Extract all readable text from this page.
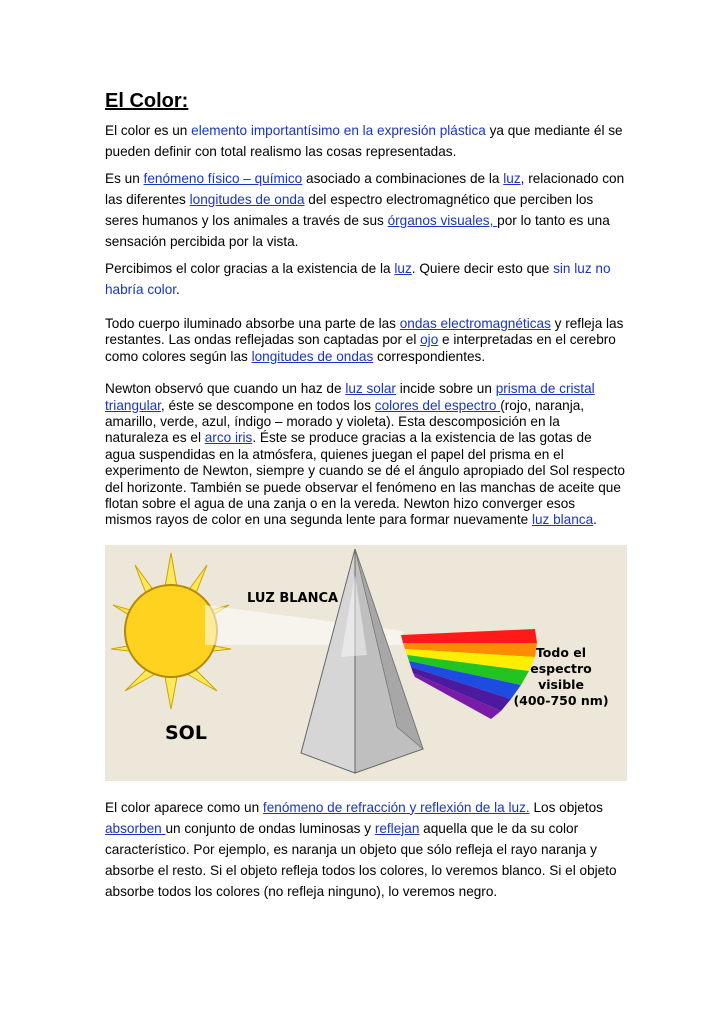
El Color:

El color es un elemento importantísimo en la expresión plástica ya que mediante él se pueden definir con total realismo las cosas representadas.

Es un fenómeno físico – químico asociado a combinaciones de la luz, relacionado con las diferentes longitudes de onda del espectro electromagnético que perciben los seres humanos y los animales a través de sus órganos visuales, por lo tanto es una sensación percibida por la vista.

Percibimos el color gracias a la existencia de la luz. Quiere decir esto que sin luz no habría color.

Todo cuerpo iluminado absorbe una parte de las ondas electromagnéticas y refleja las restantes. Las ondas reflejadas son captadas por el ojo e interpretadas en el cerebro como colores según las longitudes de ondas correspondientes.

Newton observó que cuando un haz de luz solar incide sobre un prisma de cristal triangular, éste se descompone en todos los colores del espectro (rojo, naranja, amarillo, verde, azul, índigo – morado y violeta). Esta descomposición en la naturaleza es el arco iris. Éste se produce gracias a la existencia de las gotas de agua suspendidas en la atmósfera, quienes juegan el papel del prisma en el experimento de Newton, siempre y cuando se dé el ángulo apropiado del Sol respecto del horizonte. También se puede observar el fenómeno en las manchas de aceite que flotan sobre el agua de una zanja o en la vereda. Newton hizo converger esos mismos rayos de color en una segunda lente para formar nuevamente luz blanca.

LUZ BLANCA
SOL
Todo el
espectro
visible
(400-750 nm)

El color aparece como un fenómeno de refracción y reflexión de la luz. Los objetos absorben un conjunto de ondas luminosas y reflejan aquella que le da su color característico. Por ejemplo, es naranja un objeto que sólo refleja el rayo naranja y absorbe el resto. Si el objeto refleja todos los colores, lo veremos blanco. Si el objeto absorbe todos los colores (no refleja ninguno), lo veremos negro.
